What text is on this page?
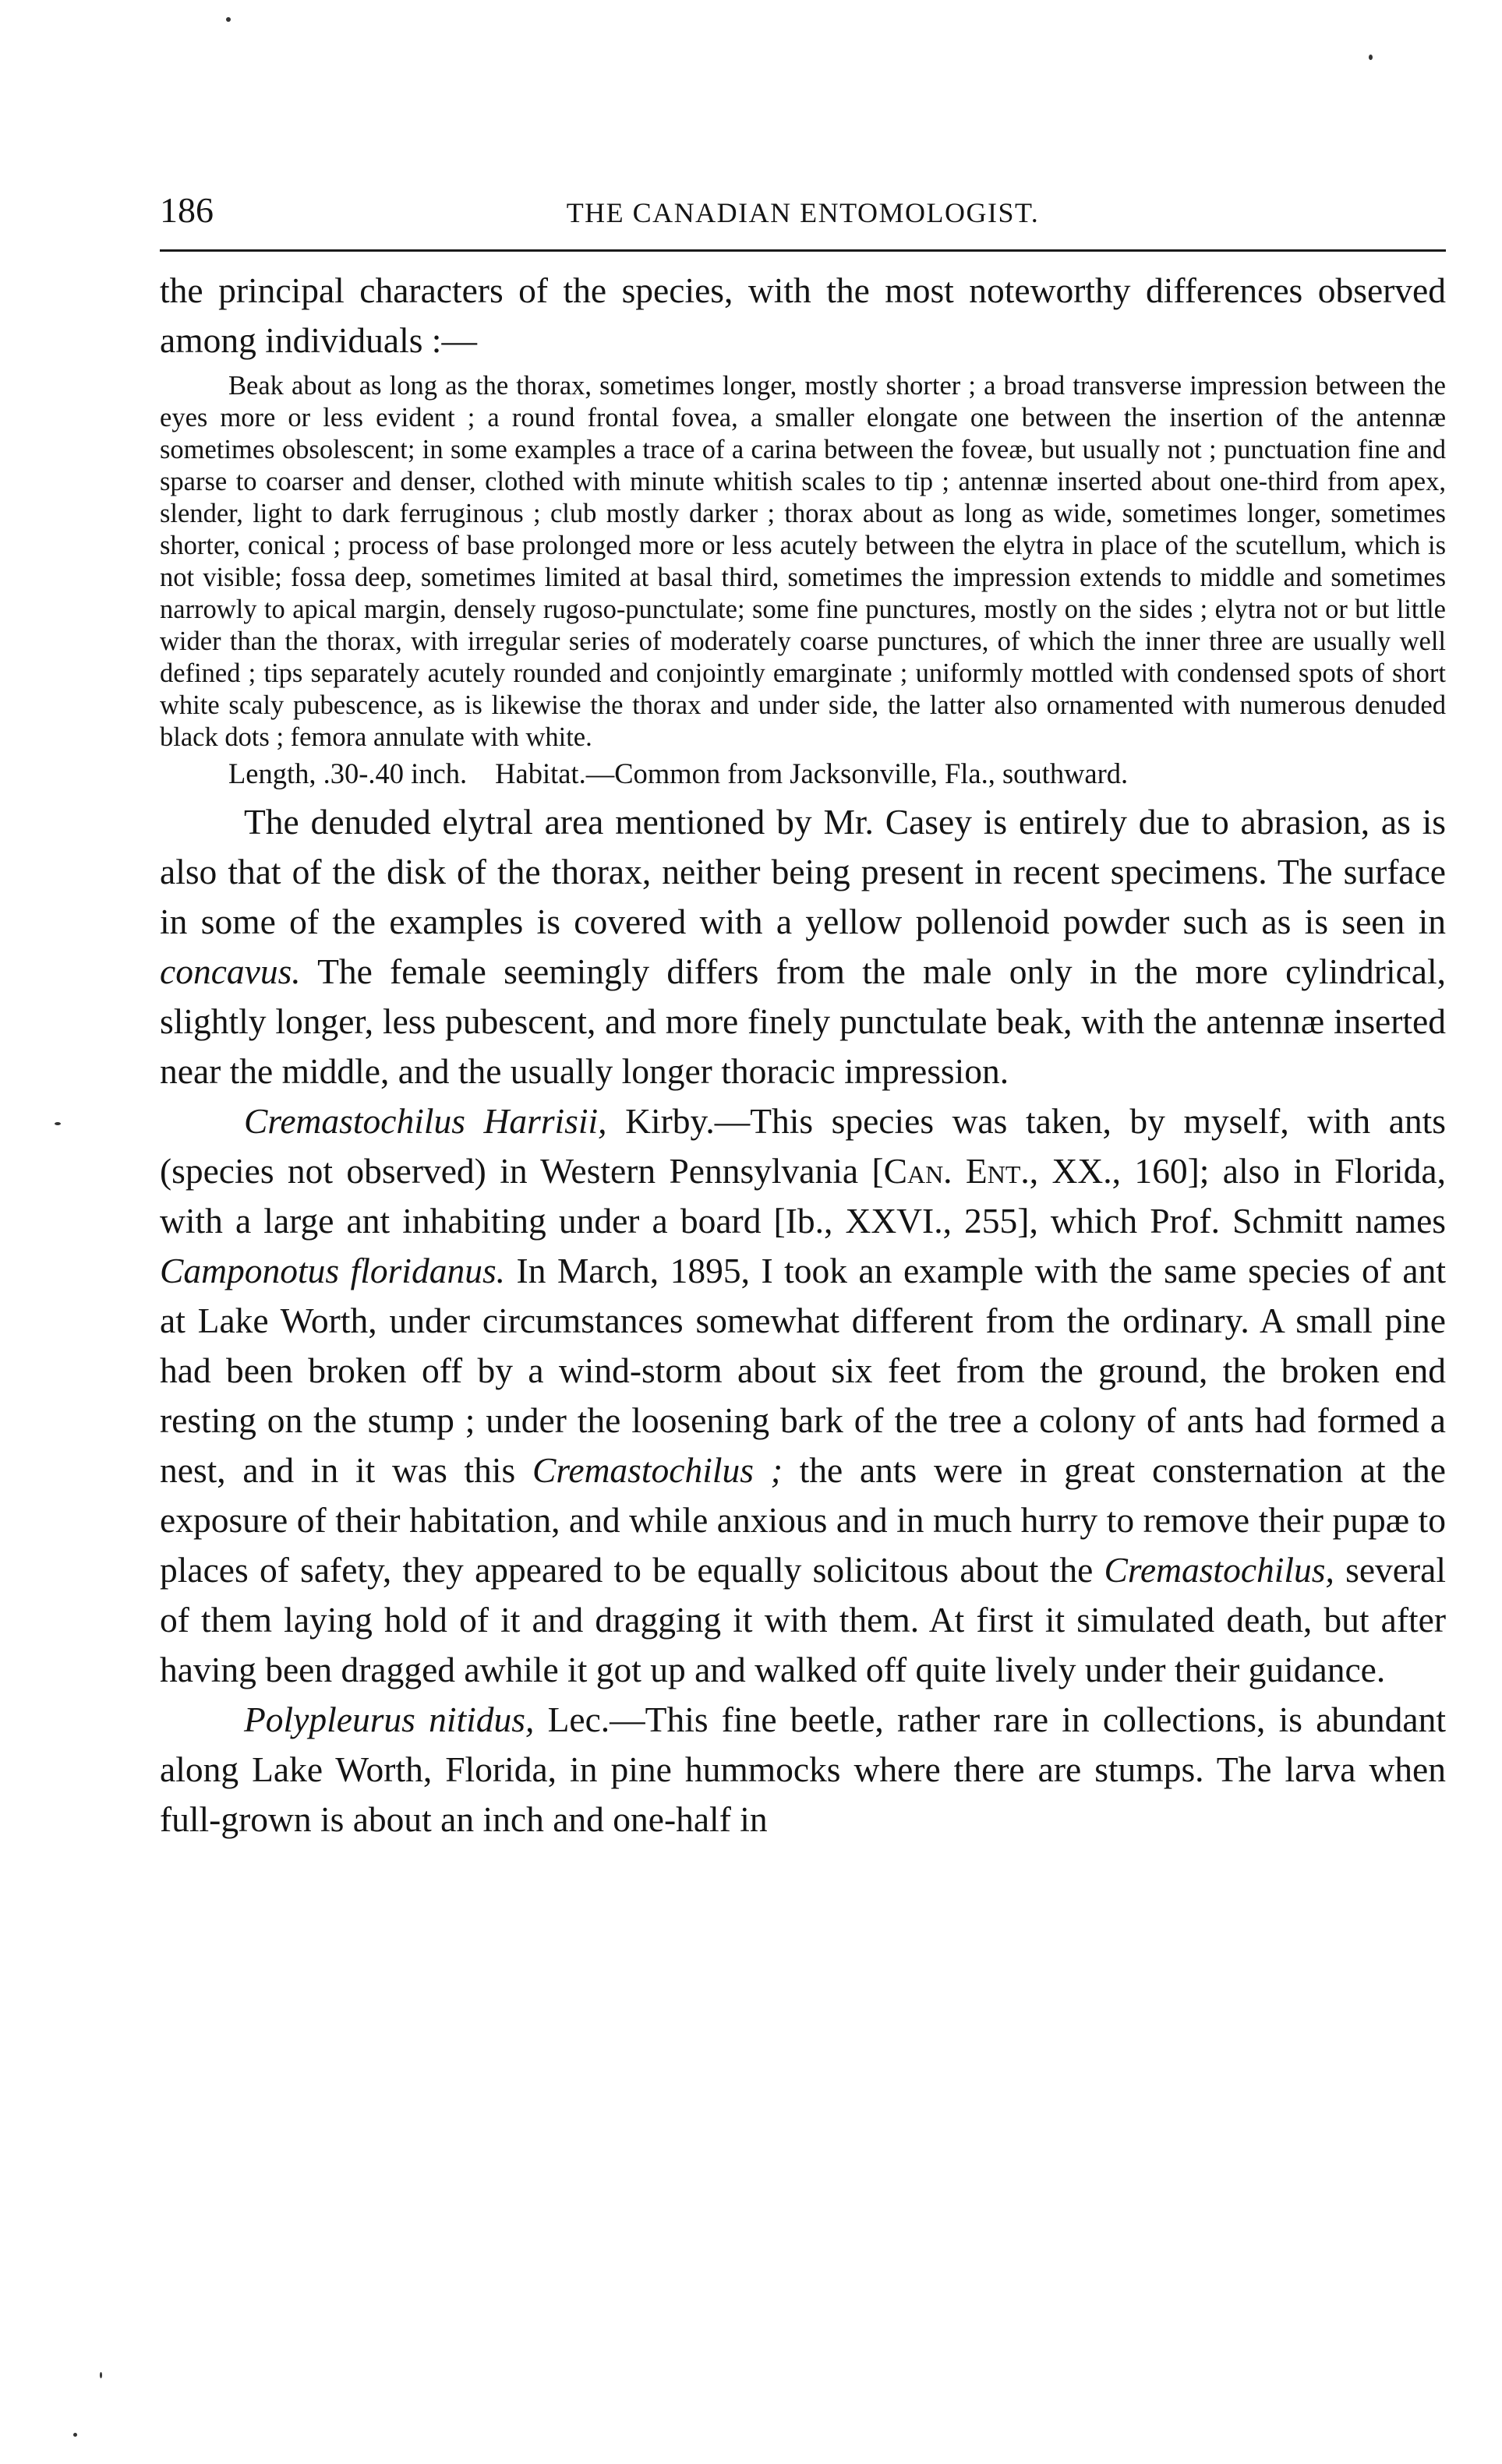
186	THE CANADIAN ENTOMOLOGIST.

the principal characters of the species, with the most noteworthy differences observed among individuals :—

Beak about as long as the thorax, sometimes longer, mostly shorter ; a broad transverse impression between the eyes more or less evident ; a round frontal fovea, a smaller elongate one between the insertion of the antennæ sometimes obsolescent; in some examples a trace of a carina between the foveæ, but usually not ; punctuation fine and sparse to coarser and denser, clothed with minute whitish scales to tip ; antennæ inserted about one-third from apex, slender, light to dark ferruginous ; club mostly darker ; thorax about as long as wide, sometimes longer, sometimes shorter, conical ; process of base prolonged more or less acutely between the elytra in place of the scutellum, which is not visible; fossa deep, sometimes limited at basal third, sometimes the impression extends to middle and sometimes narrowly to apical margin, densely rugoso-punctulate; some fine punctures, mostly on the sides ; elytra not or but little wider than the thorax, with irregular series of moderately coarse punctures, of which the inner three are usually well defined ; tips separately acutely rounded and conjointly emarginate ; uniformly mottled with condensed spots of short white scaly pubescence, as is likewise the thorax and under side, the latter also ornamented with numerous denuded black dots ; femora annulate with white.

Length, .30-.40 inch. Habitat.—Common from Jacksonville, Fla., southward.

The denuded elytral area mentioned by Mr. Casey is entirely due to abrasion, as is also that of the disk of the thorax, neither being present in recent specimens. The surface in some of the examples is covered with a yellow pollenoid powder such as is seen in concavus. The female seemingly differs from the male only in the more cylindrical, slightly longer, less pubescent, and more finely punctulate beak, with the antennæ inserted near the middle, and the usually longer thoracic impression.

Cremastochilus Harrisii, Kirby.—This species was taken, by myself, with ants (species not observed) in Western Pennsylvania [Can. Ent., XX., 160]; also in Florida, with a large ant inhabiting under a board [Ib., XXVI., 255], which Prof. Schmitt names Camponotus floridanus. In March, 1895, I took an example with the same species of ant at Lake Worth, under circumstances somewhat different from the ordinary. A small pine had been broken off by a wind-storm about six feet from the ground, the broken end resting on the stump ; under the loosening bark of the tree a colony of ants had formed a nest, and in it was this Cremastochilus ; the ants were in great consternation at the exposure of their habitation, and while anxious and in much hurry to remove their pupæ to places of safety, they appeared to be equally solicitous about the Cremastochilus, several of them laying hold of it and dragging it with them. At first it simulated death, but after having been dragged awhile it got up and walked off quite lively under their guidance.

Polypleurus nitidus, Lec.—This fine beetle, rather rare in collections, is abundant along Lake Worth, Florida, in pine hummocks where there are stumps. The larva when full-grown is about an inch and one-half in
